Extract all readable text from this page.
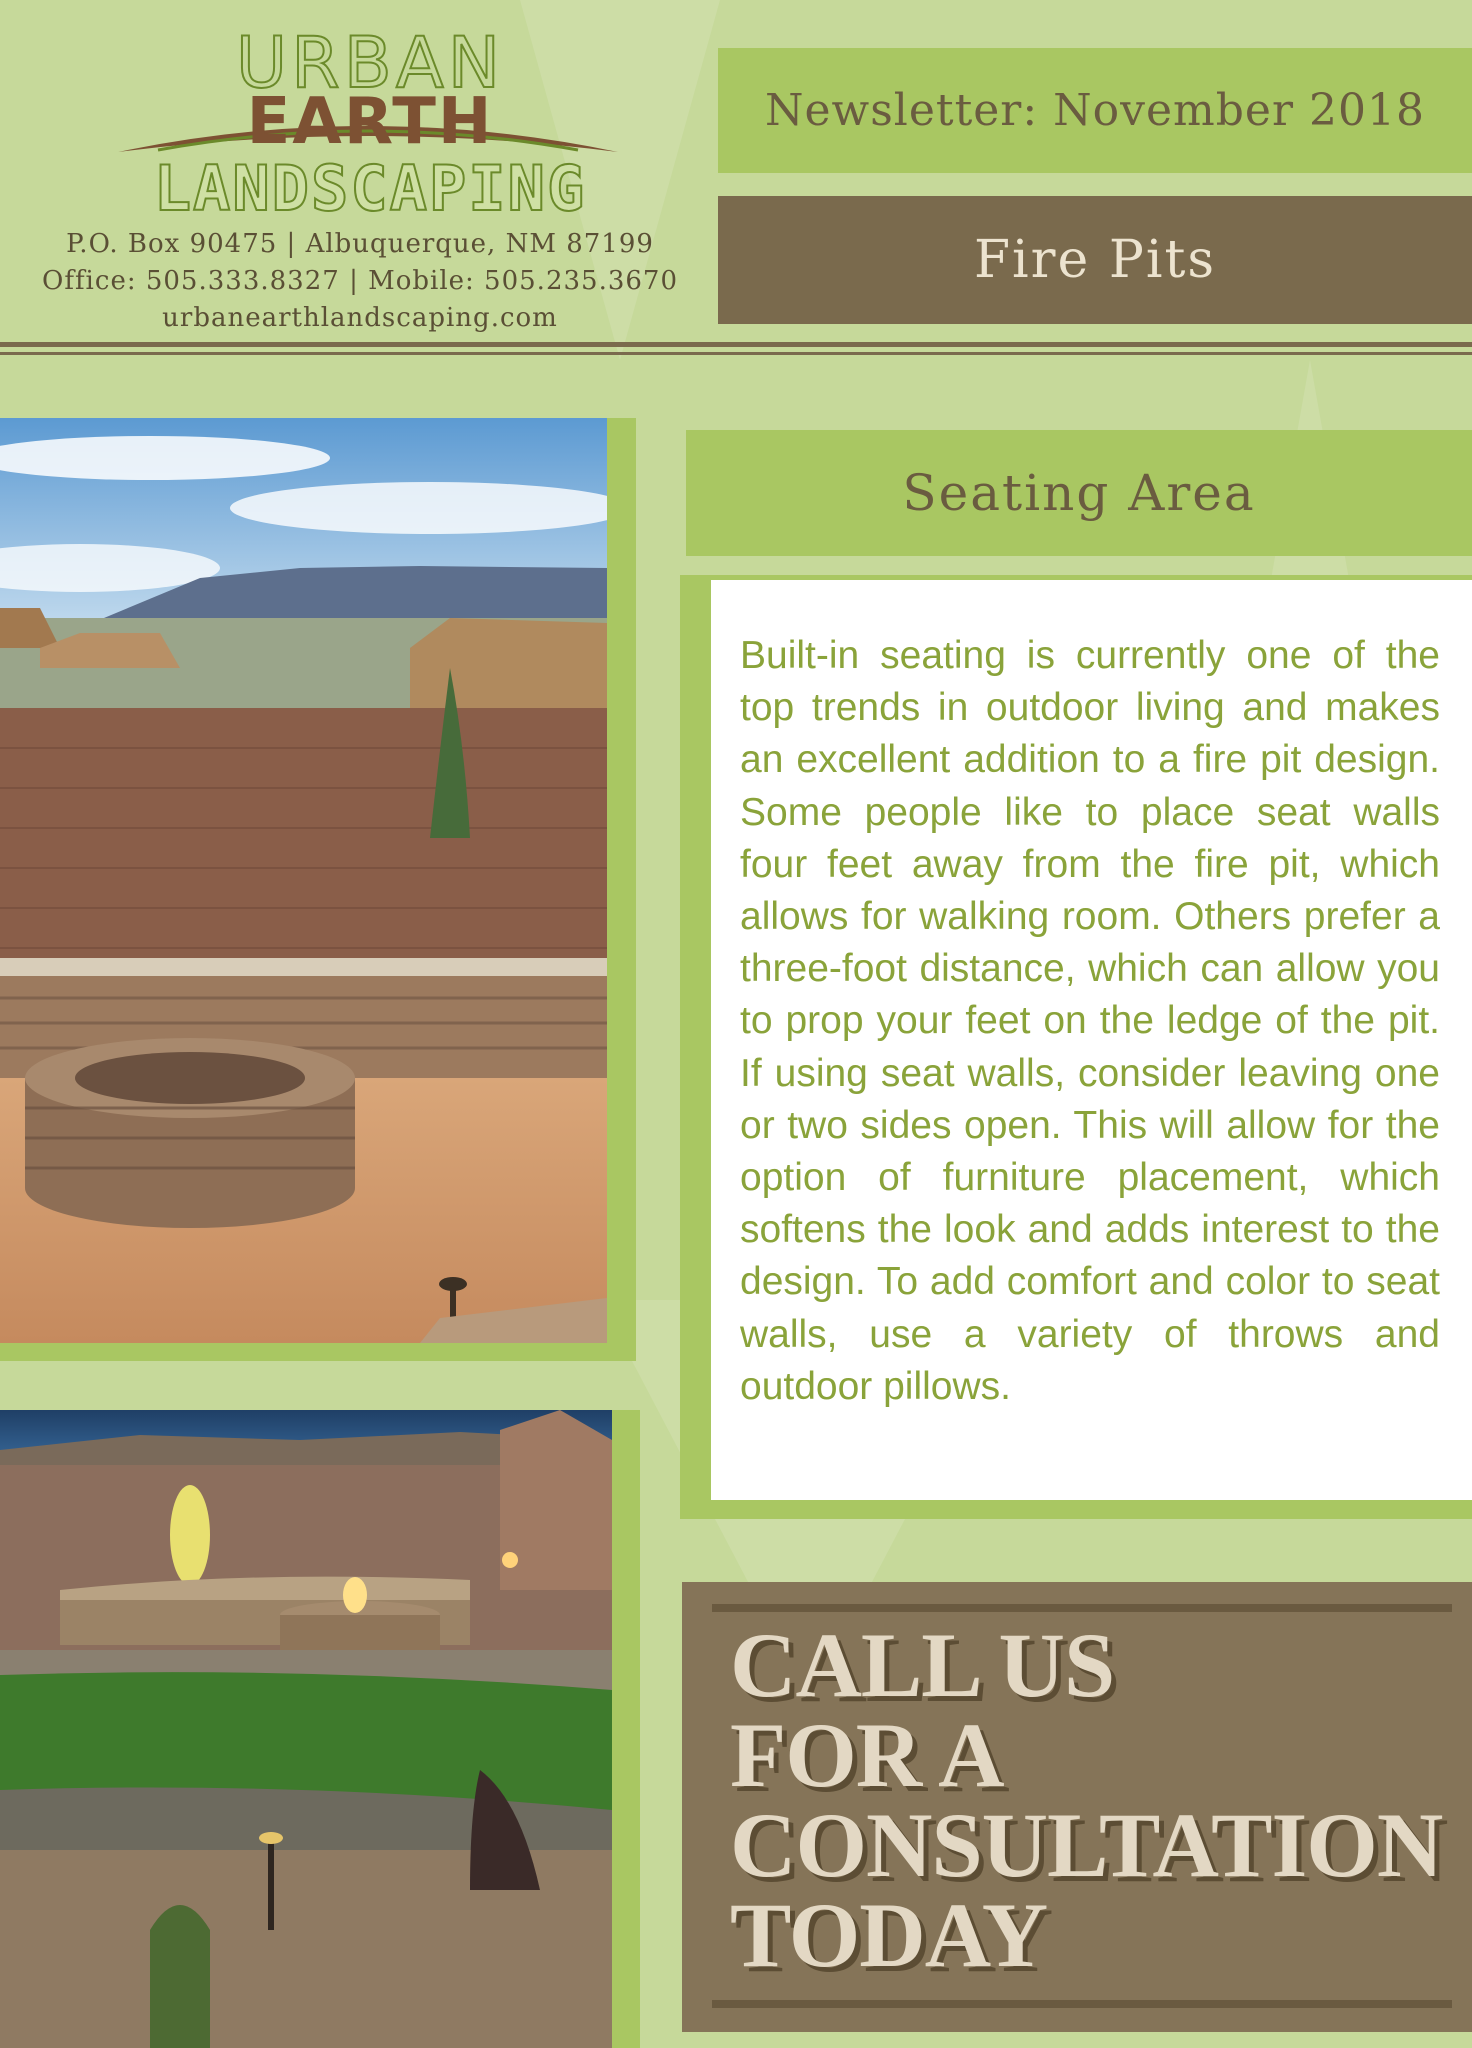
URBAN
EARTH
LANDSCAPING
P.O. Box 90475 | Albuquerque, NM 87199
Office: 505.333.8327 | Mobile: 505.235.3670
urbanearthlandscaping.com
Newsletter: November 2018
Fire Pits
Seating Area
Built-in seating is currently one of the top trends in outdoor living and makes an excellent addition to a fire pit design. Some people like to place seat walls four feet away from the fire pit, which allows for walking room. Others prefer a three-foot distance, which can allow you to prop your feet on the ledge of the pit. If using seat walls, consider leaving one or two sides open. This will allow for the option of furniture placement, which softens the look and adds interest to the design. To add comfort and color to seat walls, use a variety of throws and outdoor pillows.
CALL US
FOR A
CONSULTATION
TODAY
